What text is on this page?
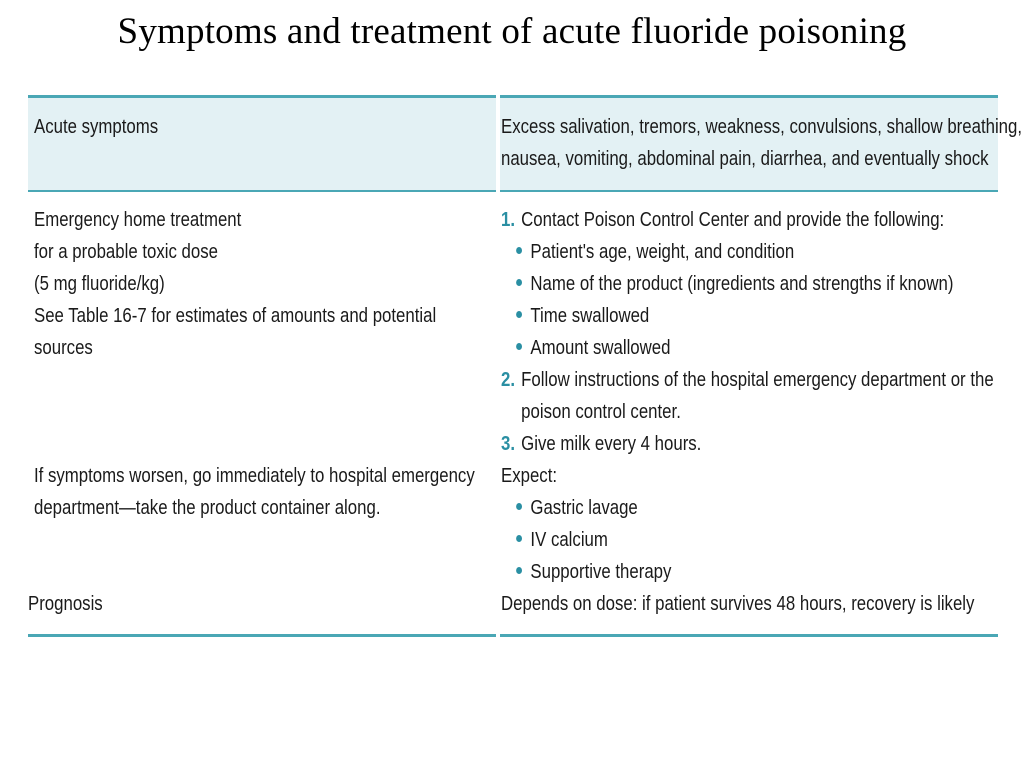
Symptoms and treatment of acute fluoride poisoning
Acute symptoms	Excess salivation, tremors, weakness, convulsions, shallow breathing,
nausea, vomiting, abdominal pain, diarrhea, and eventually shock
Emergency home treatment
for a probable toxic dose
(5 mg fluoride/kg)
See Table 16-7 for estimates of amounts and potential
sources
1. Contact Poison Control Center and provide the following:
Patient's age, weight, and condition
Name of the product (ingredients and strengths if known)
Time swallowed
Amount swallowed
2. Follow instructions of the hospital emergency department or the
poison control center.
3. Give milk every 4 hours.
If symptoms worsen, go immediately to hospital emergency
department—take the product container along.
Expect:
Gastric lavage
IV calcium
Supportive therapy
Prognosis	Depends on dose: if patient survives 48 hours, recovery is likely
